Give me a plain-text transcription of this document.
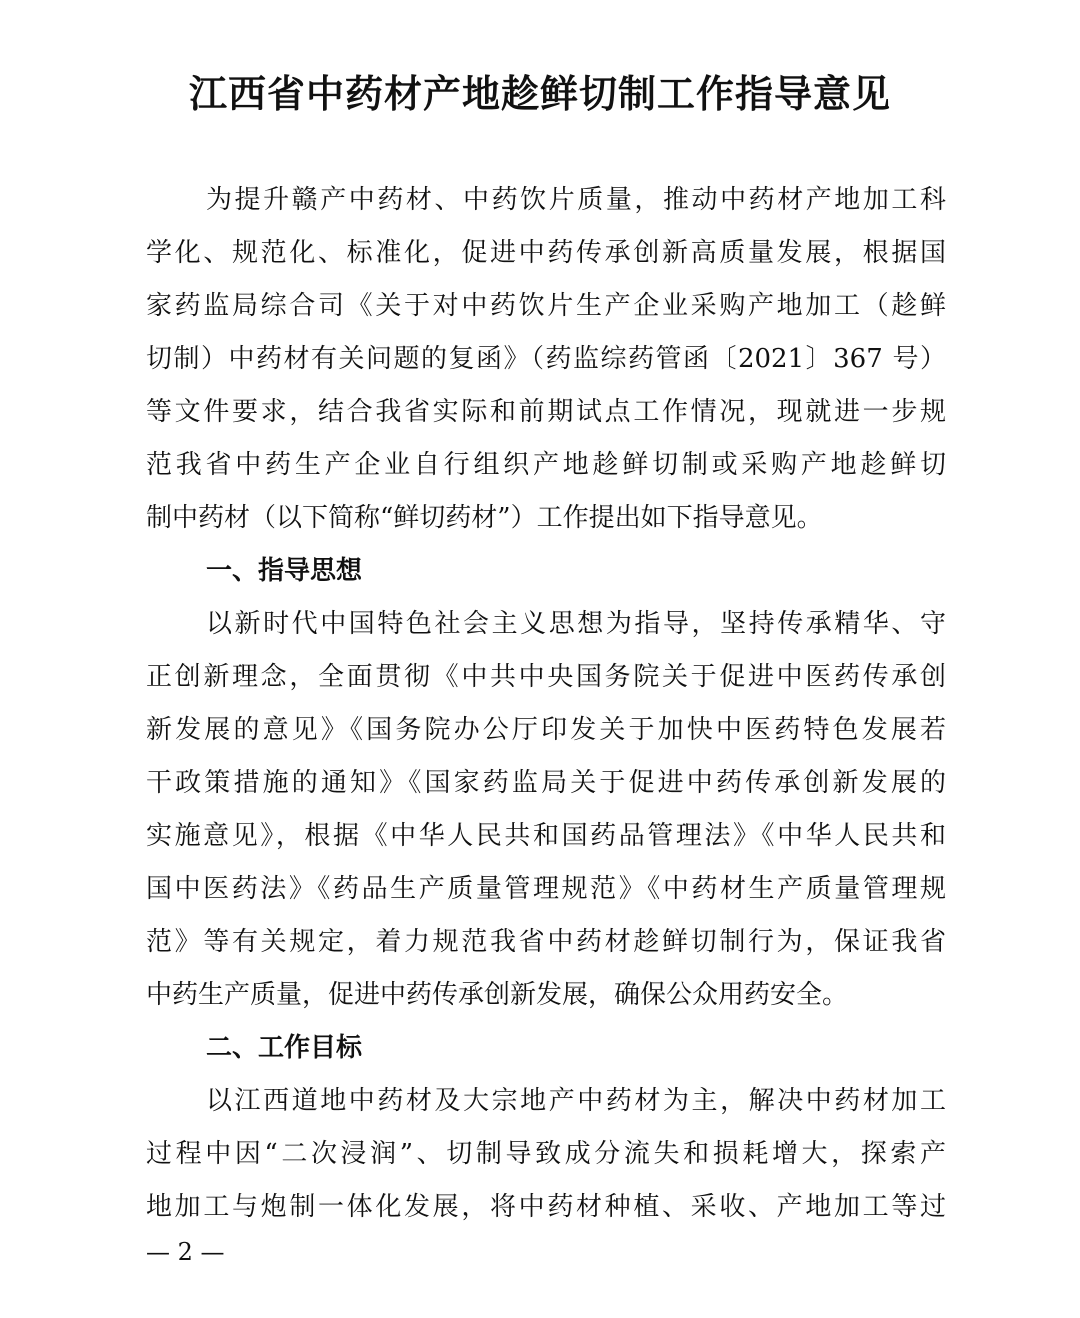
江西省中药材产地趁鲜切制工作指导意见
为提升赣产中药材、中药饮片质量，推动中药材产地加工科
学化、规范化、标准化，促进中药传承创新高质量发展，根据国
家药监局综合司《关于对中药饮片生产企业采购产地加工（趁鲜
切制）中药材有关问题的复函》（药监综药管函〔2021〕367 号）
等文件要求，结合我省实际和前期试点工作情况，现就进一步规
范我省中药生产企业自行组织产地趁鲜切制或采购产地趁鲜切
制中药材（以下简称“鲜切药材”）工作提出如下指导意见。
一、指导思想
以新时代中国特色社会主义思想为指导，坚持传承精华、守
正创新理念，全面贯彻《中共中央国务院关于促进中医药传承创
新发展的意见》《国务院办公厅印发关于加快中医药特色发展若
干政策措施的通知》《国家药监局关于促进中药传承创新发展的
实施意见》，根据《中华人民共和国药品管理法》《中华人民共和
国中医药法》《药品生产质量管理规范》《中药材生产质量管理规
范》等有关规定，着力规范我省中药材趁鲜切制行为，保证我省
中药生产质量，促进中药传承创新发展，确保公众用药安全。
二、工作目标
以江西道地中药材及大宗地产中药材为主，解决中药材加工
过程中因“二次浸润”、切制导致成分流失和损耗增大，探索产
地加工与炮制一体化发展，将中药材种植、采收、产地加工等过
— 2 —
